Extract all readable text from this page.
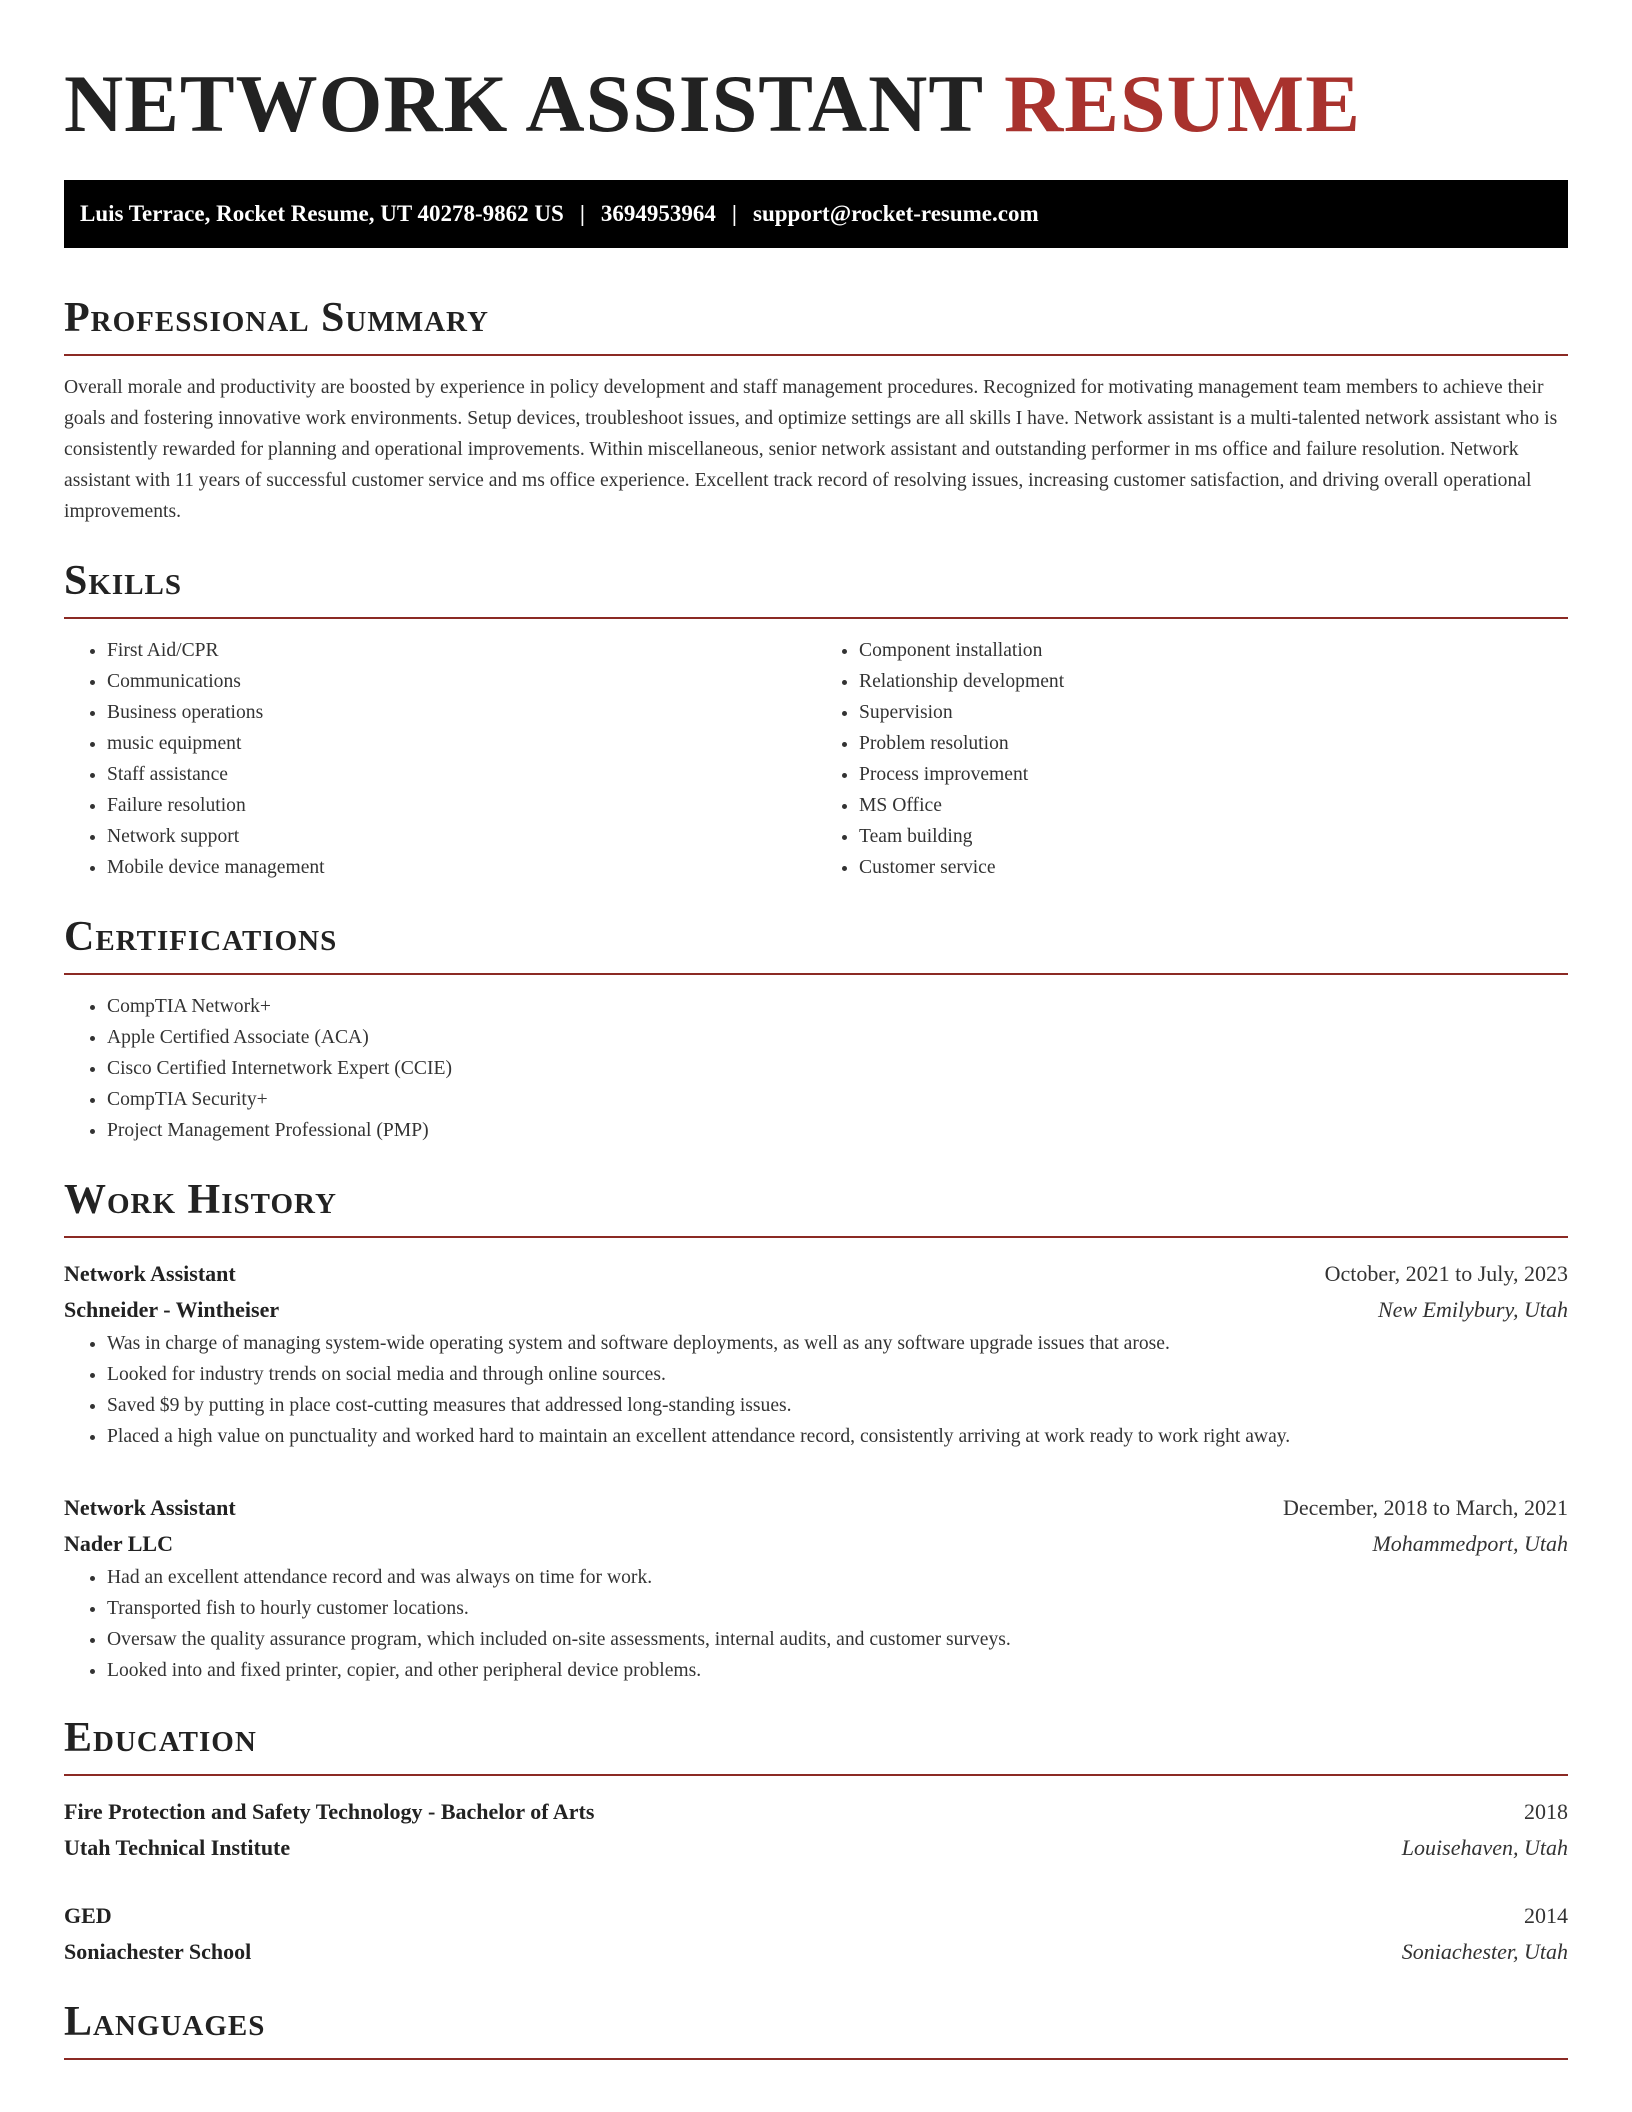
NETWORK ASSISTANT RESUME
Luis Terrace, Rocket Resume, UT 40278-9862 US | 3694953964 | support@rocket-resume.com
Professional Summary

Overall morale and productivity are boosted by experience in policy development and staff management procedures. Recognized for motivating management team members to achieve their goals and fostering innovative work environments. Setup devices, troubleshoot issues, and optimize settings are all skills I have. Network assistant is a multi-talented network assistant who is consistently rewarded for planning and operational improvements. Within miscellaneous, senior network assistant and outstanding performer in ms office and failure resolution. Network assistant with 11 years of successful customer service and ms office experience. Excellent track record of resolving issues, increasing customer satisfaction, and driving overall operational improvements.

Skills
• First Aid/CPR
• Communications
• Business operations
• music equipment
• Staff assistance
• Failure resolution
• Network support
• Mobile device management
• Component installation
• Relationship development
• Supervision
• Problem resolution
• Process improvement
• MS Office
• Team building
• Customer service
Certifications
• CompTIA Network+
• Apple Certified Associate (ACA)
• Cisco Certified Internetwork Expert (CCIE)
• CompTIA Security+
• Project Management Professional (PMP)
Work History
Network Assistant	October, 2021 to July, 2023
Schneider - Wintheiser	New Emilybury, Utah
• Was in charge of managing system-wide operating system and software deployments, as well as any software upgrade issues that arose.
• Looked for industry trends on social media and through online sources.
• Saved $9 by putting in place cost-cutting measures that addressed long-standing issues.
• Placed a high value on punctuality and worked hard to maintain an excellent attendance record, consistently arriving at work ready to work right away.
Network Assistant	December, 2018 to March, 2021
Nader LLC	Mohammedport, Utah
• Had an excellent attendance record and was always on time for work.
• Transported fish to hourly customer locations.
• Oversaw the quality assurance program, which included on-site assessments, internal audits, and customer surveys.
• Looked into and fixed printer, copier, and other peripheral device problems.
Education
Fire Protection and Safety Technology - Bachelor of Arts	2018
Utah Technical Institute	Louisehaven, Utah
GED	2014
Soniachester School	Soniachester, Utah
Languages
